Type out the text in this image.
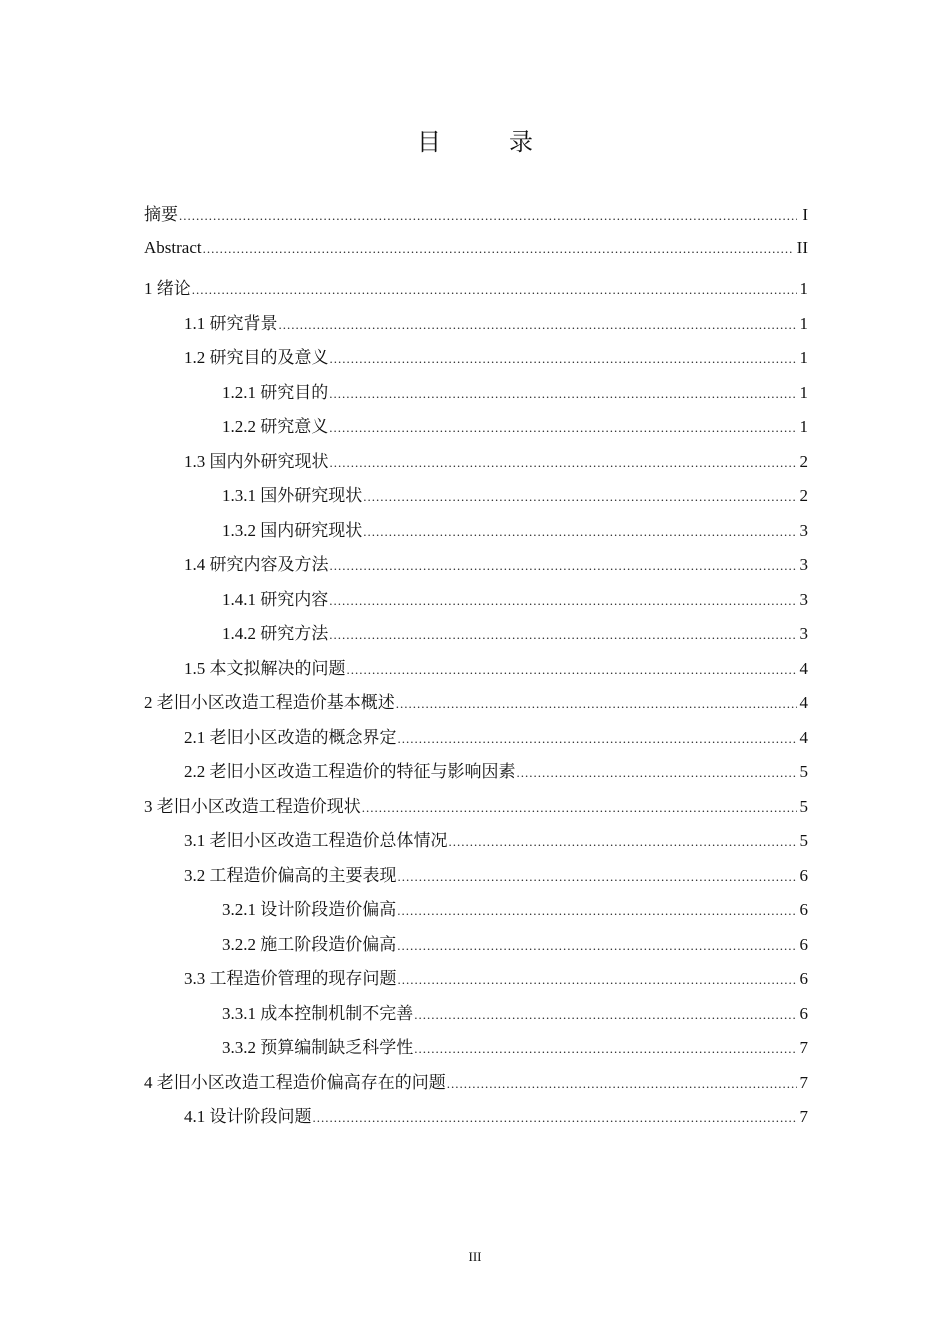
目　录
摘要 .....	I
Abstract .....	II
1 绪论 .....	1
1.1 研究背景 .....	1
1.2 研究目的及意义 .....	1
1.2.1 研究目的 .....	1
1.2.2 研究意义 .....	1
1.3 国内外研究现状 .....	2
1.3.1 国外研究现状 .....	2
1.3.2 国内研究现状 .....	3
1.4 研究内容及方法 .....	3
1.4.1 研究内容 .....	3
1.4.2 研究方法 .....	3
1.5 本文拟解决的问题 .....	4
2 老旧小区改造工程造价基本概述 .....	4
2.1 老旧小区改造的概念界定 .....	4
2.2 老旧小区改造工程造价的特征与影响因素 .....	5
3 老旧小区改造工程造价现状 .....	5
3.1 老旧小区改造工程造价总体情况 .....	5
3.2 工程造价偏高的主要表现 .....	6
3.2.1 设计阶段造价偏高 .....	6
3.2.2 施工阶段造价偏高 .....	6
3.3 工程造价管理的现存问题 .....	6
3.3.1 成本控制机制不完善 .....	6
3.3.2 预算编制缺乏科学性 .....	7
4 老旧小区改造工程造价偏高存在的问题 .....	7
4.1 设计阶段问题 .....	7
III
